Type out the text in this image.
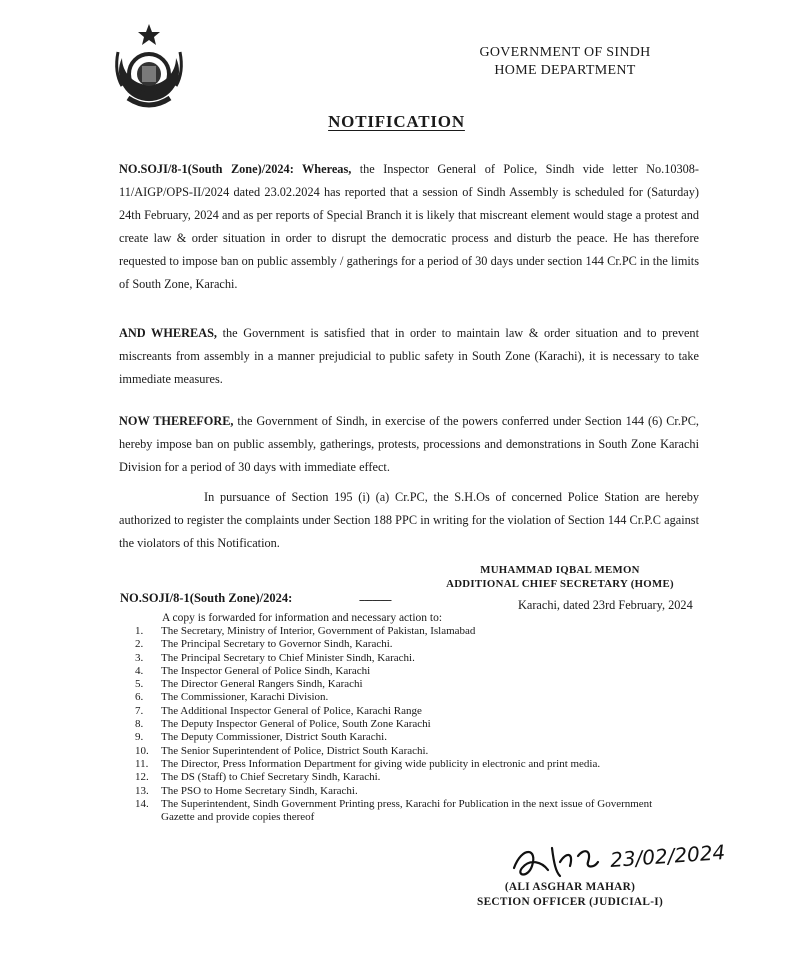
GOVERNMENT OF SINDH
HOME DEPARTMENT
NOTIFICATION
NO.SOJI/8-1(South Zone)/2024: Whereas, the Inspector General of Police, Sindh vide letter No.10308-11/AIGP/OPS-II/2024 dated 23.02.2024 has reported that a session of Sindh Assembly is scheduled for (Saturday) 24th February, 2024 and as per reports of Special Branch it is likely that miscreant element would stage a protest and create law & order situation in order to disrupt the democratic process and disturb the peace. He has therefore requested to impose ban on public assembly / gatherings for a period of 30 days under section 144 Cr.PC in the limits of South Zone, Karachi.
AND WHEREAS, the Government is satisfied that in order to maintain law & order situation and to prevent miscreants from assembly in a manner prejudicial to public safety in South Zone (Karachi), it is necessary to take immediate measures.
NOW THEREFORE, the Government of Sindh, in exercise of the powers conferred under Section 144 (6) Cr.PC, hereby impose ban on public assembly, gatherings, protests, processions and demonstrations in South Zone Karachi Division for a period of 30 days with immediate effect.
In pursuance of Section 195 (i) (a) Cr.PC, the S.H.Os of concerned Police Station are hereby authorized to register the complaints under Section 188 PPC in writing for the violation of Section 144 Cr.P.C against the violators of this Notification.
MUHAMMAD IQBAL MEMON
ADDITIONAL CHIEF SECRETARY (HOME)
NO.SOJI/8-1(South Zone)/2024:	------------	Karachi, dated 23rd February, 2024
A copy is forwarded for information and necessary action to:
1.	The Secretary, Ministry of Interior, Government of Pakistan, Islamabad
2.	The Principal Secretary to Governor Sindh, Karachi.
3.	The Principal Secretary to Chief Minister Sindh, Karachi.
4.	The Inspector General of Police Sindh, Karachi
5.	The Director General Rangers Sindh, Karachi
6.	The Commissioner, Karachi Division.
7.	The Additional Inspector General of Police, Karachi Range
8.	The Deputy Inspector General of Police, South Zone Karachi
9.	The Deputy Commissioner, District South Karachi.
10.	The Senior Superintendent of Police, District South Karachi.
11.	The Director, Press Information Department for giving wide publicity in electronic and print media.
12.	The DS (Staff) to Chief Secretary Sindh, Karachi.
13.	The PSO to Home Secretary Sindh, Karachi.
14.	The Superintendent, Sindh Government Printing press, Karachi for Publication in the next issue of Government
Gazette and provide copies thereof
23/02/2024
(ALI ASGHAR MAHAR)
SECTION OFFICER (JUDICIAL-I)
